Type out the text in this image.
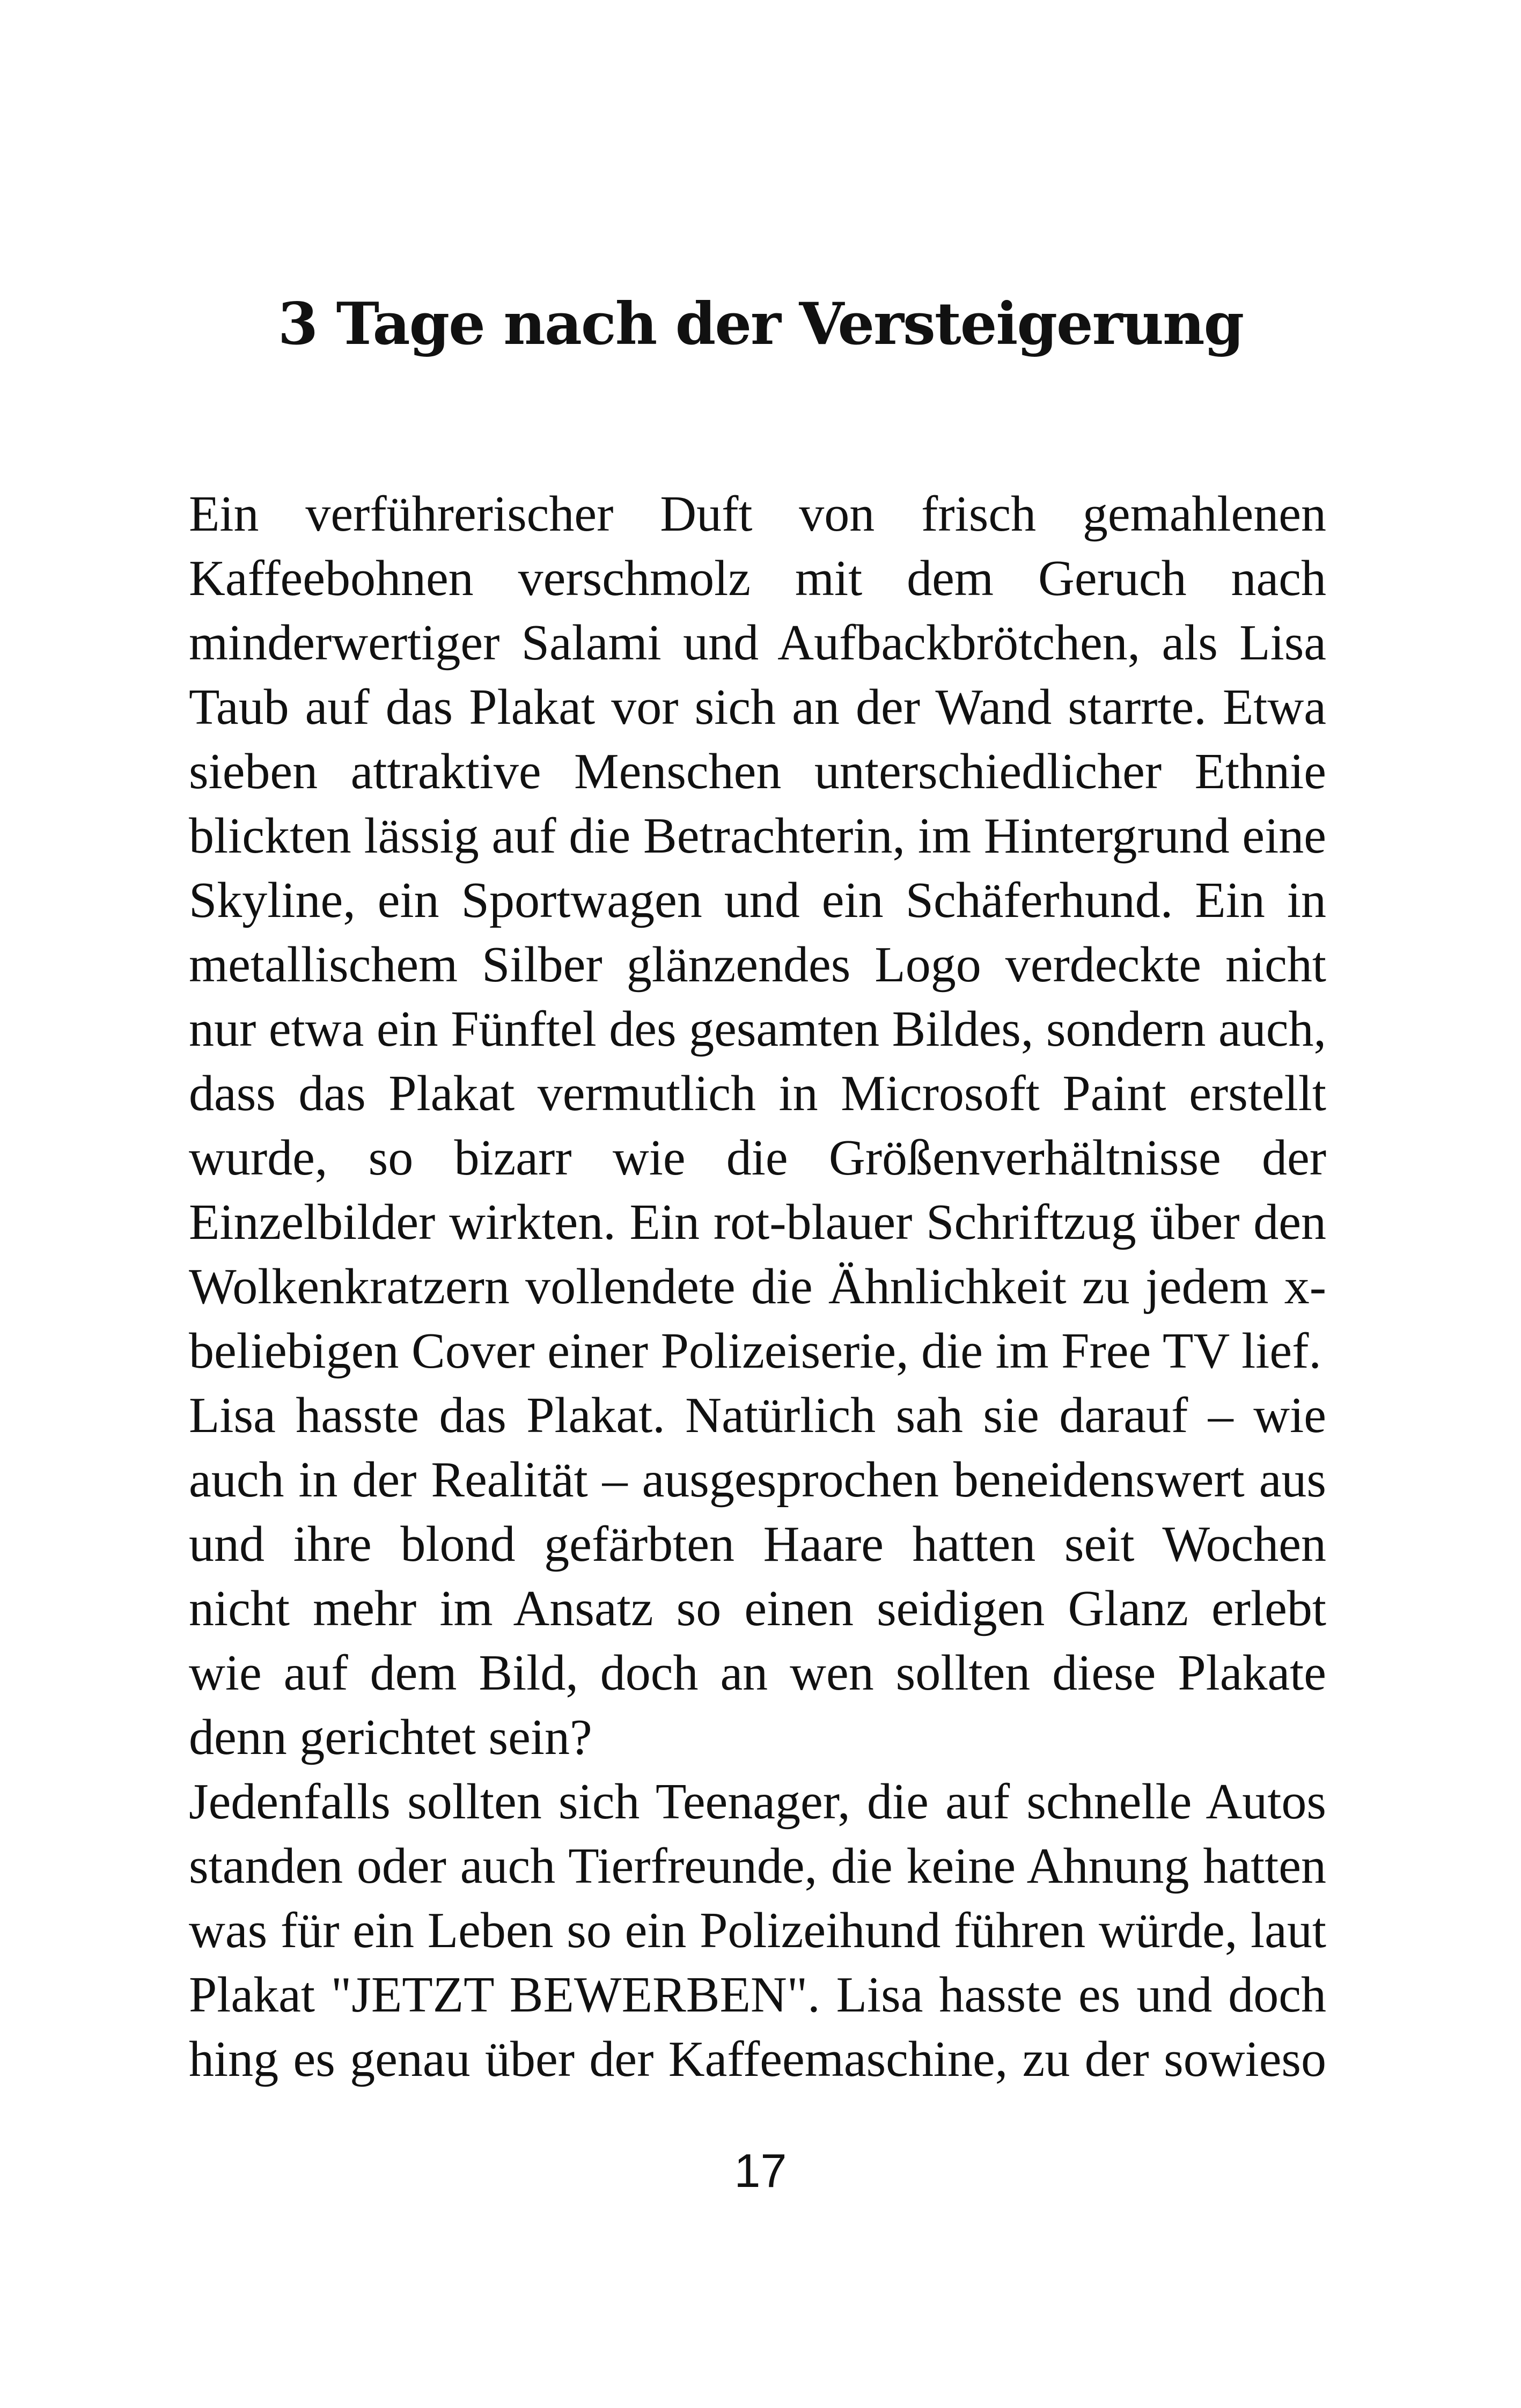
3 Tage nach der Versteigerung

Ein verführerischer Duft von frisch gemahlenen Kaffeebohnen verschmolz mit dem Geruch nach minderwertiger Salami und Aufbackbrötchen, als Lisa Taub auf das Plakat vor sich an der Wand starrte. Etwa sieben attraktive Menschen unterschiedlicher Ethnie blickten lässig auf die Betrachterin, im Hintergrund eine Skyline, ein Sportwagen und ein Schäferhund. Ein in metallischem Silber glänzendes Logo verdeckte nicht nur etwa ein Fünftel des gesamten Bildes, sondern auch, dass das Plakat vermutlich in Microsoft Paint erstellt wurde, so bizarr wie die Größenverhältnisse der Einzelbilder wirkten. Ein rot-blauer Schriftzug über den Wolkenkratzern vollendete die Ähnlichkeit zu jedem x-beliebigen Cover einer Polizeiserie, die im Free TV lief.

Lisa hasste das Plakat. Natürlich sah sie darauf – wie auch in der Realität – ausgesprochen beneidenswert aus und ihre blond gefärbten Haare hatten seit Wochen nicht mehr im Ansatz so einen seidigen Glanz erlebt wie auf dem Bild, doch an wen sollten diese Plakate denn gerichtet sein?

Jedenfalls sollten sich Teenager, die auf schnelle Autos standen oder auch Tierfreunde, die keine Ahnung hatten was für ein Leben so ein Polizeihund führen würde, laut Plakat "JETZT BEWERBEN". Lisa hasste es und doch hing es genau über der Kaffeemaschine, zu der sowieso

17
